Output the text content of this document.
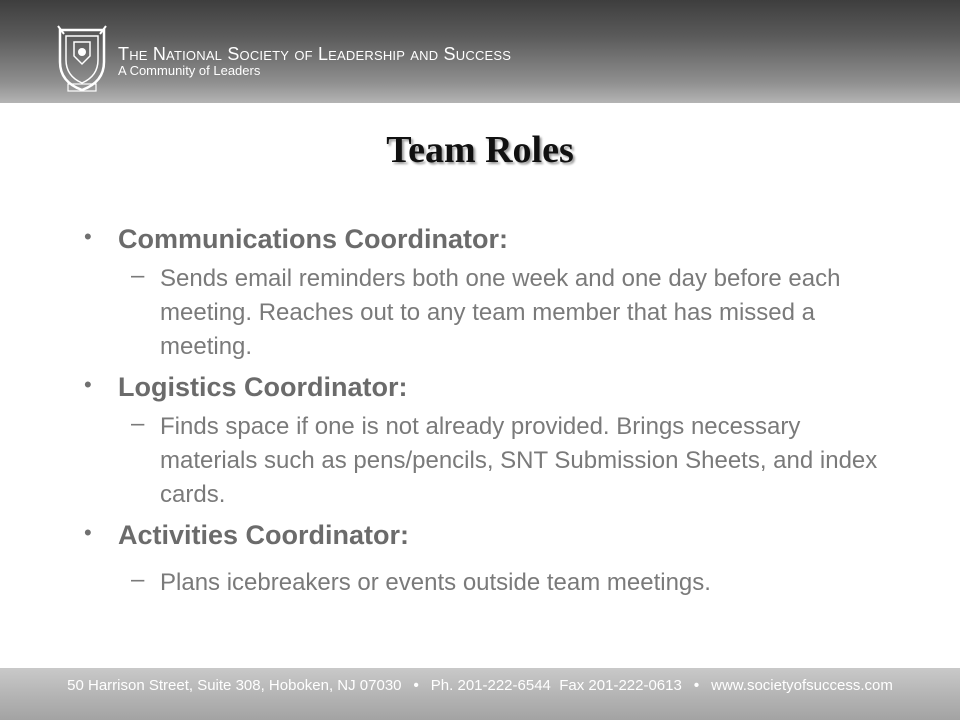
The National Society of Leadership and Success

A Community of Leaders

Team Roles
• Communications Coordinator:
– Sends email reminders both one week and one day before each meeting. Reaches out to any team member that has missed a meeting.

• Logistics Coordinator:
– Finds space if one is not already provided. Brings necessary materials such as pens/pencils, SNT Submission Sheets, and index cards.

• Activities Coordinator:
– Plans icebreakers or events outside team meetings.

50 Harrison Street, Suite 308, Hoboken, NJ 07030 • Ph. 201-222-6544 Fax 201-222-0613 • www.societyofsuccess.com
